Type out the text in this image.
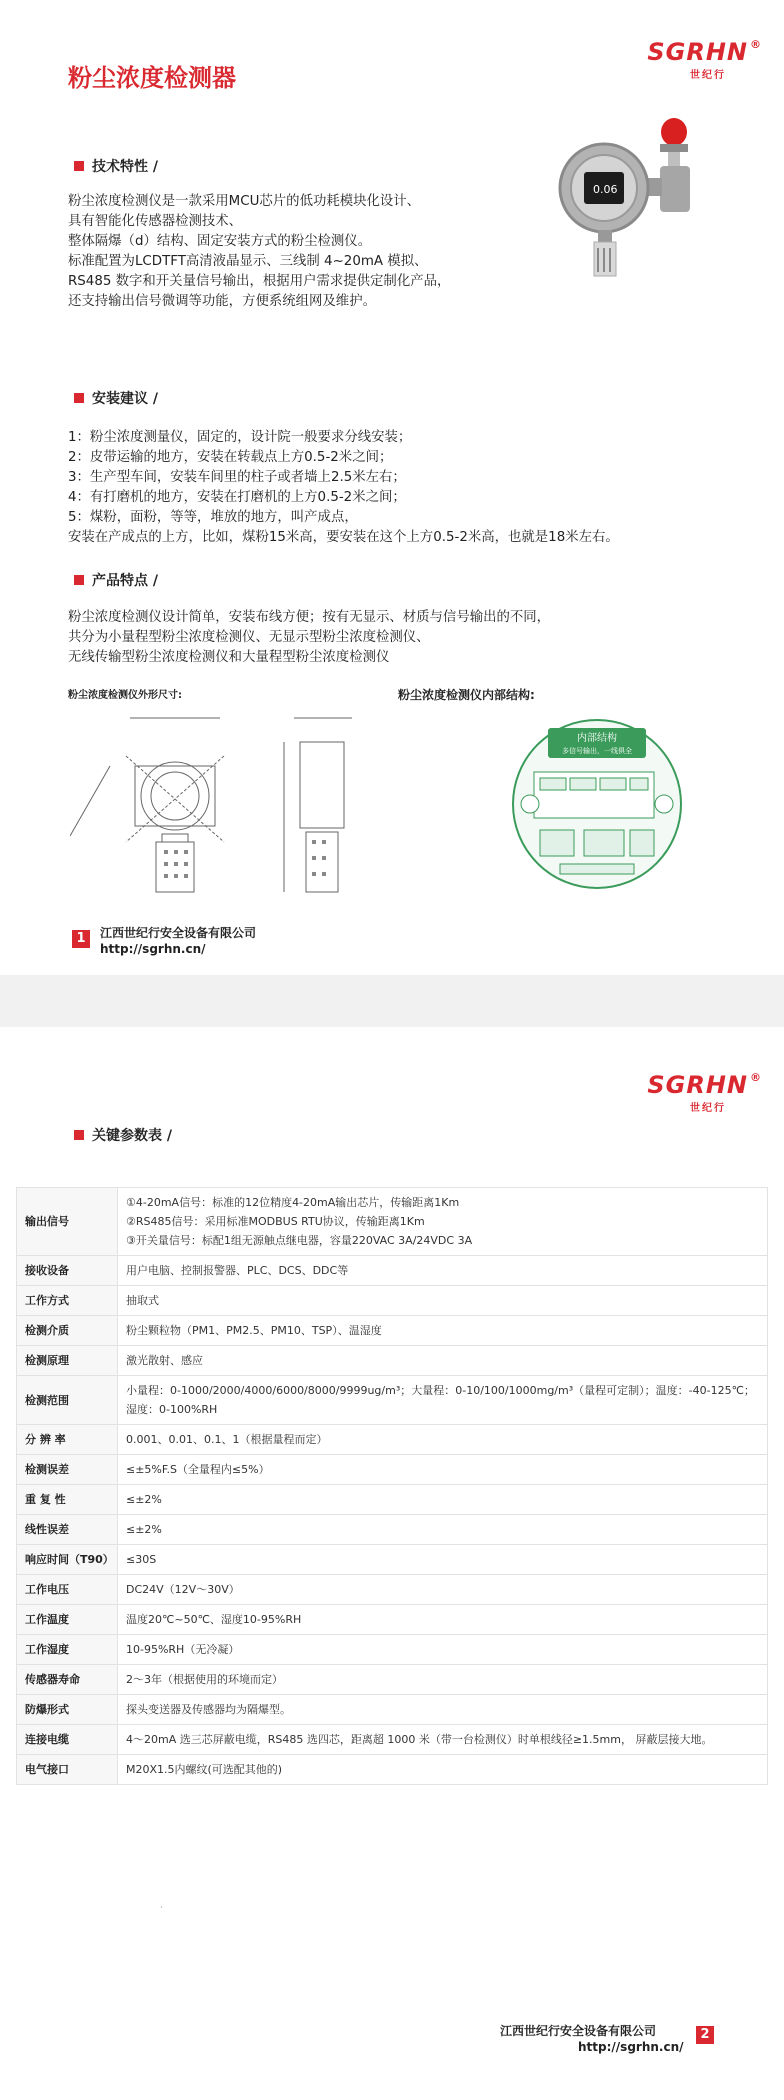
粉尘浓度检测器
SGRHN ®
世纪行
技术特性 /
粉尘浓度检测仪是一款采用MCU芯片的低功耗模块化设计、
具有智能化传感器检测技术、
整体隔爆（d）结构、固定安装方式的粉尘检测仪。
标准配置为LCDTFT高清液晶显示、三线制 4~20mA 模拟、
RS485 数字和开关量信号输出，根据用户需求提供定制化产品，
还支持输出信号微调等功能，方便系统组网及维护。
0.06
安装建议 /
1：粉尘浓度测量仪，固定的，设计院一般要求分线安装；
2：皮带运输的地方，安装在转载点上方0.5-2米之间；
3：生产型车间，安装车间里的柱子或者墙上2.5米左右；
4：有打磨机的地方，安装在打磨机的上方0.5-2米之间；
5：煤粉，面粉，等等，堆放的地方，叫产成点，
安装在产成点的上方，比如，煤粉15米高，要安装在这个上方0.5-2米高，也就是18米左右。
产品特点 /
粉尘浓度检测仪设计简单，安装布线方便；按有无显示、材质与信号输出的不同，
共分为小量程型粉尘浓度检测仪、无显示型粉尘浓度检测仪、
无线传输型粉尘浓度检测仪和大量程型粉尘浓度检测仪
粉尘浓度检测仪外形尺寸:	粉尘浓度检测仪内部结构:
内部结构
多信号输出，一线俱全
1	江西世纪行安全设备有限公司
http://sgrhn.cn/
SGRHN ®
世纪行
关键参数表 /
输出信号	①4-20mA信号：标准的12位精度4-20mA输出芯片，传输距离1Km
②RS485信号：采用标准MODBUS RTU协议，传输距离1Km
③开关量信号：标配1组无源触点继电器，容量220VAC 3A/24VDC 3A
接收设备	用户电脑、控制报警器、PLC、DCS、DDC等
工作方式	抽取式
检测介质	粉尘颗粒物（PM1、PM2.5、PM10、TSP）、温湿度
检测原理	激光散射、感应
检测范围	小量程：0-1000/2000/4000/6000/8000/9999ug/m³；大量程：0-10/100/1000mg/m³（量程可定制）；温度：-40-125℃；湿度：0-100%RH
分 辨 率	0.001、0.01、0.1、1（根据量程而定）
检测误差	≤±5%F.S（全量程内≤5%）
重 复 性	≤±2%
线性误差	≤±2%
响应时间（T90）	≤30S
工作电压	DC24V（12V～30V）
工作温度	温度20℃~50℃、湿度10-95%RH
工作湿度	10-95%RH（无冷凝）
传感器寿命	2～3年（根据使用的环境而定）
防爆形式	探头变送器及传感器均为隔爆型。
连接电缆	4～20mA 选三芯屏蔽电缆，RS485 选四芯，距离超 1000 米（带一台检测仪）时单根线径≥1.5mm， 屏蔽层接大地。
电气接口	M20X1.5内螺纹(可选配其他的)
ʼ
江西世纪行安全设备有限公司
http://sgrhn.cn/
2
